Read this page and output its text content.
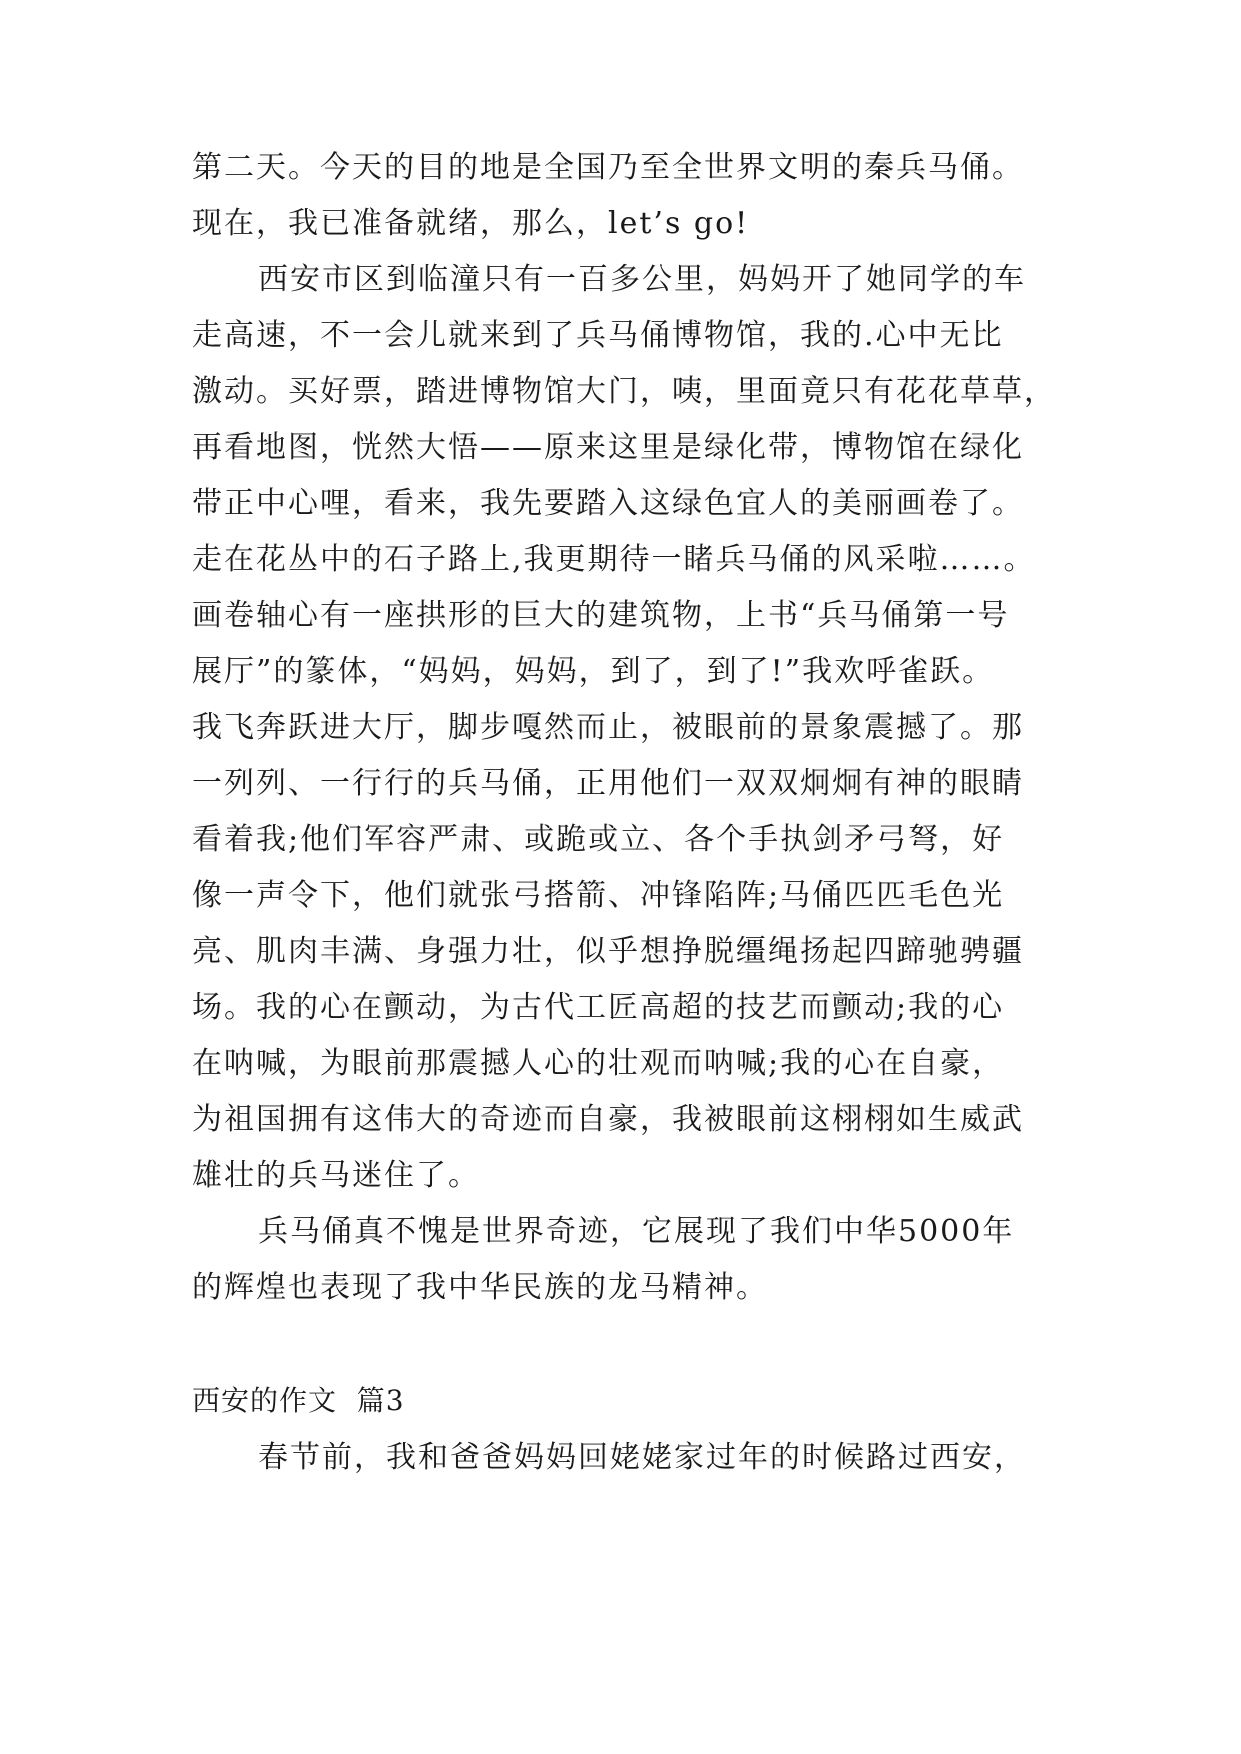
第二天。今天的目的地是全国乃至全世界文明的秦兵马俑。
现在，我已准备就绪，那么，let’s go!
西安市区到临潼只有一百多公里，妈妈开了她同学的车
走高速，不一会儿就来到了兵马俑博物馆，我的.心中无比
激动。买好票，踏进博物馆大门，咦，里面竟只有花花草草，
再看地图，恍然大悟——原来这里是绿化带，博物馆在绿化
带正中心哩，看来，我先要踏入这绿色宜人的美丽画卷了。
走在花丛中的石子路上,我更期待一睹兵马俑的风采啦……。
画卷轴心有一座拱形的巨大的建筑物，上书“兵马俑第一号
展厅”的篆体，“妈妈，妈妈，到了，到了!”我欢呼雀跃。
我飞奔跃进大厅，脚步嘎然而止，被眼前的景象震撼了。那
一列列、一行行的兵马俑，正用他们一双双炯炯有神的眼睛
看着我;他们军容严肃、或跪或立、各个手执剑矛弓弩，好
像一声令下，他们就张弓搭箭、冲锋陷阵;马俑匹匹毛色光
亮、肌肉丰满、身强力壮，似乎想挣脱缰绳扬起四蹄驰骋疆
场。我的心在颤动，为古代工匠高超的技艺而颤动;我的心
在呐喊，为眼前那震撼人心的壮观而呐喊;我的心在自豪，
为祖国拥有这伟大的奇迹而自豪，我被眼前这栩栩如生威武
雄壮的兵马迷住了。
兵马俑真不愧是世界奇迹，它展现了我们中华5000年
的辉煌也表现了我中华民族的龙马精神。
西安的作文  篇3
春节前，我和爸爸妈妈回姥姥家过年的时候路过西安，
